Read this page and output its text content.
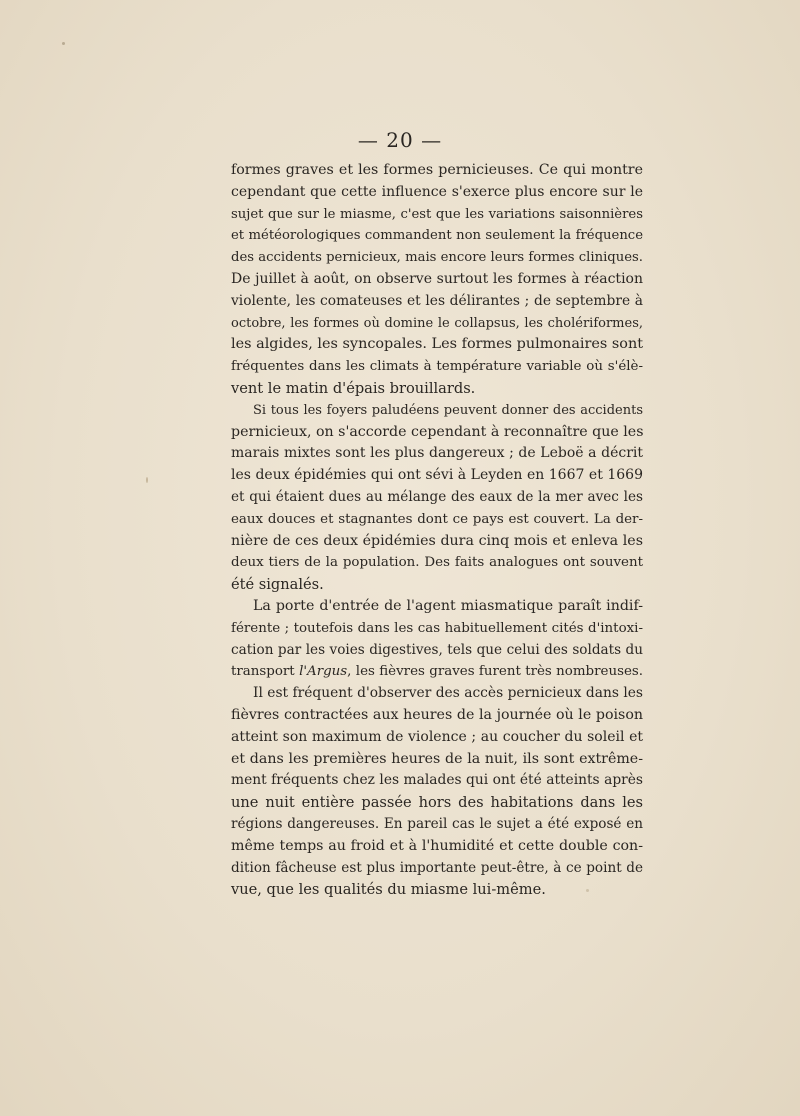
— 20 —
formes graves et les formes pernicieuses. Ce qui montre
cependant que cette influence s'exerce plus encore sur le
sujet que sur le miasme, c'est que les variations saisonnières
et météorologiques commandent non seulement la fréquence
des accidents pernicieux, mais encore leurs formes cliniques.
De juillet à août, on observe surtout les formes à réaction
violente, les comateuses et les délirantes ; de septembre à
octobre, les formes où domine le collapsus, les cholériformes,
les algides, les syncopales. Les formes pulmonaires sont
fréquentes dans les climats à température variable où s'élè-
vent le matin d'épais brouillards.
Si tous les foyers paludéens peuvent donner des accidents
pernicieux, on s'accorde cependant à reconnaître que les
marais mixtes sont les plus dangereux ; de Leboë a décrit
les deux épidémies qui ont sévi à Leyden en 1667 et 1669
et qui étaient dues au mélange des eaux de la mer avec les
eaux douces et stagnantes dont ce pays est couvert. La der-
nière de ces deux épidémies dura cinq mois et enleva les
deux tiers de la population. Des faits analogues ont souvent
été signalés.
La porte d'entrée de l'agent miasmatique paraît indif-
férente ; toutefois dans les cas habituellement cités d'intoxi-
cation par les voies digestives, tels que celui des soldats du
transport l'Argus, les fièvres graves furent très nombreuses.
Il est fréquent d'observer des accès pernicieux dans les
fièvres contractées aux heures de la journée où le poison
atteint son maximum de violence ; au coucher du soleil et
et dans les premières heures de la nuit, ils sont extrême-
ment fréquents chez les malades qui ont été atteints après
une nuit entière passée hors des habitations dans les
régions dangereuses. En pareil cas le sujet a été exposé en
même temps au froid et à l'humidité et cette double con-
dition fâcheuse est plus importante peut-être, à ce point de
vue, que les qualités du miasme lui-même.
